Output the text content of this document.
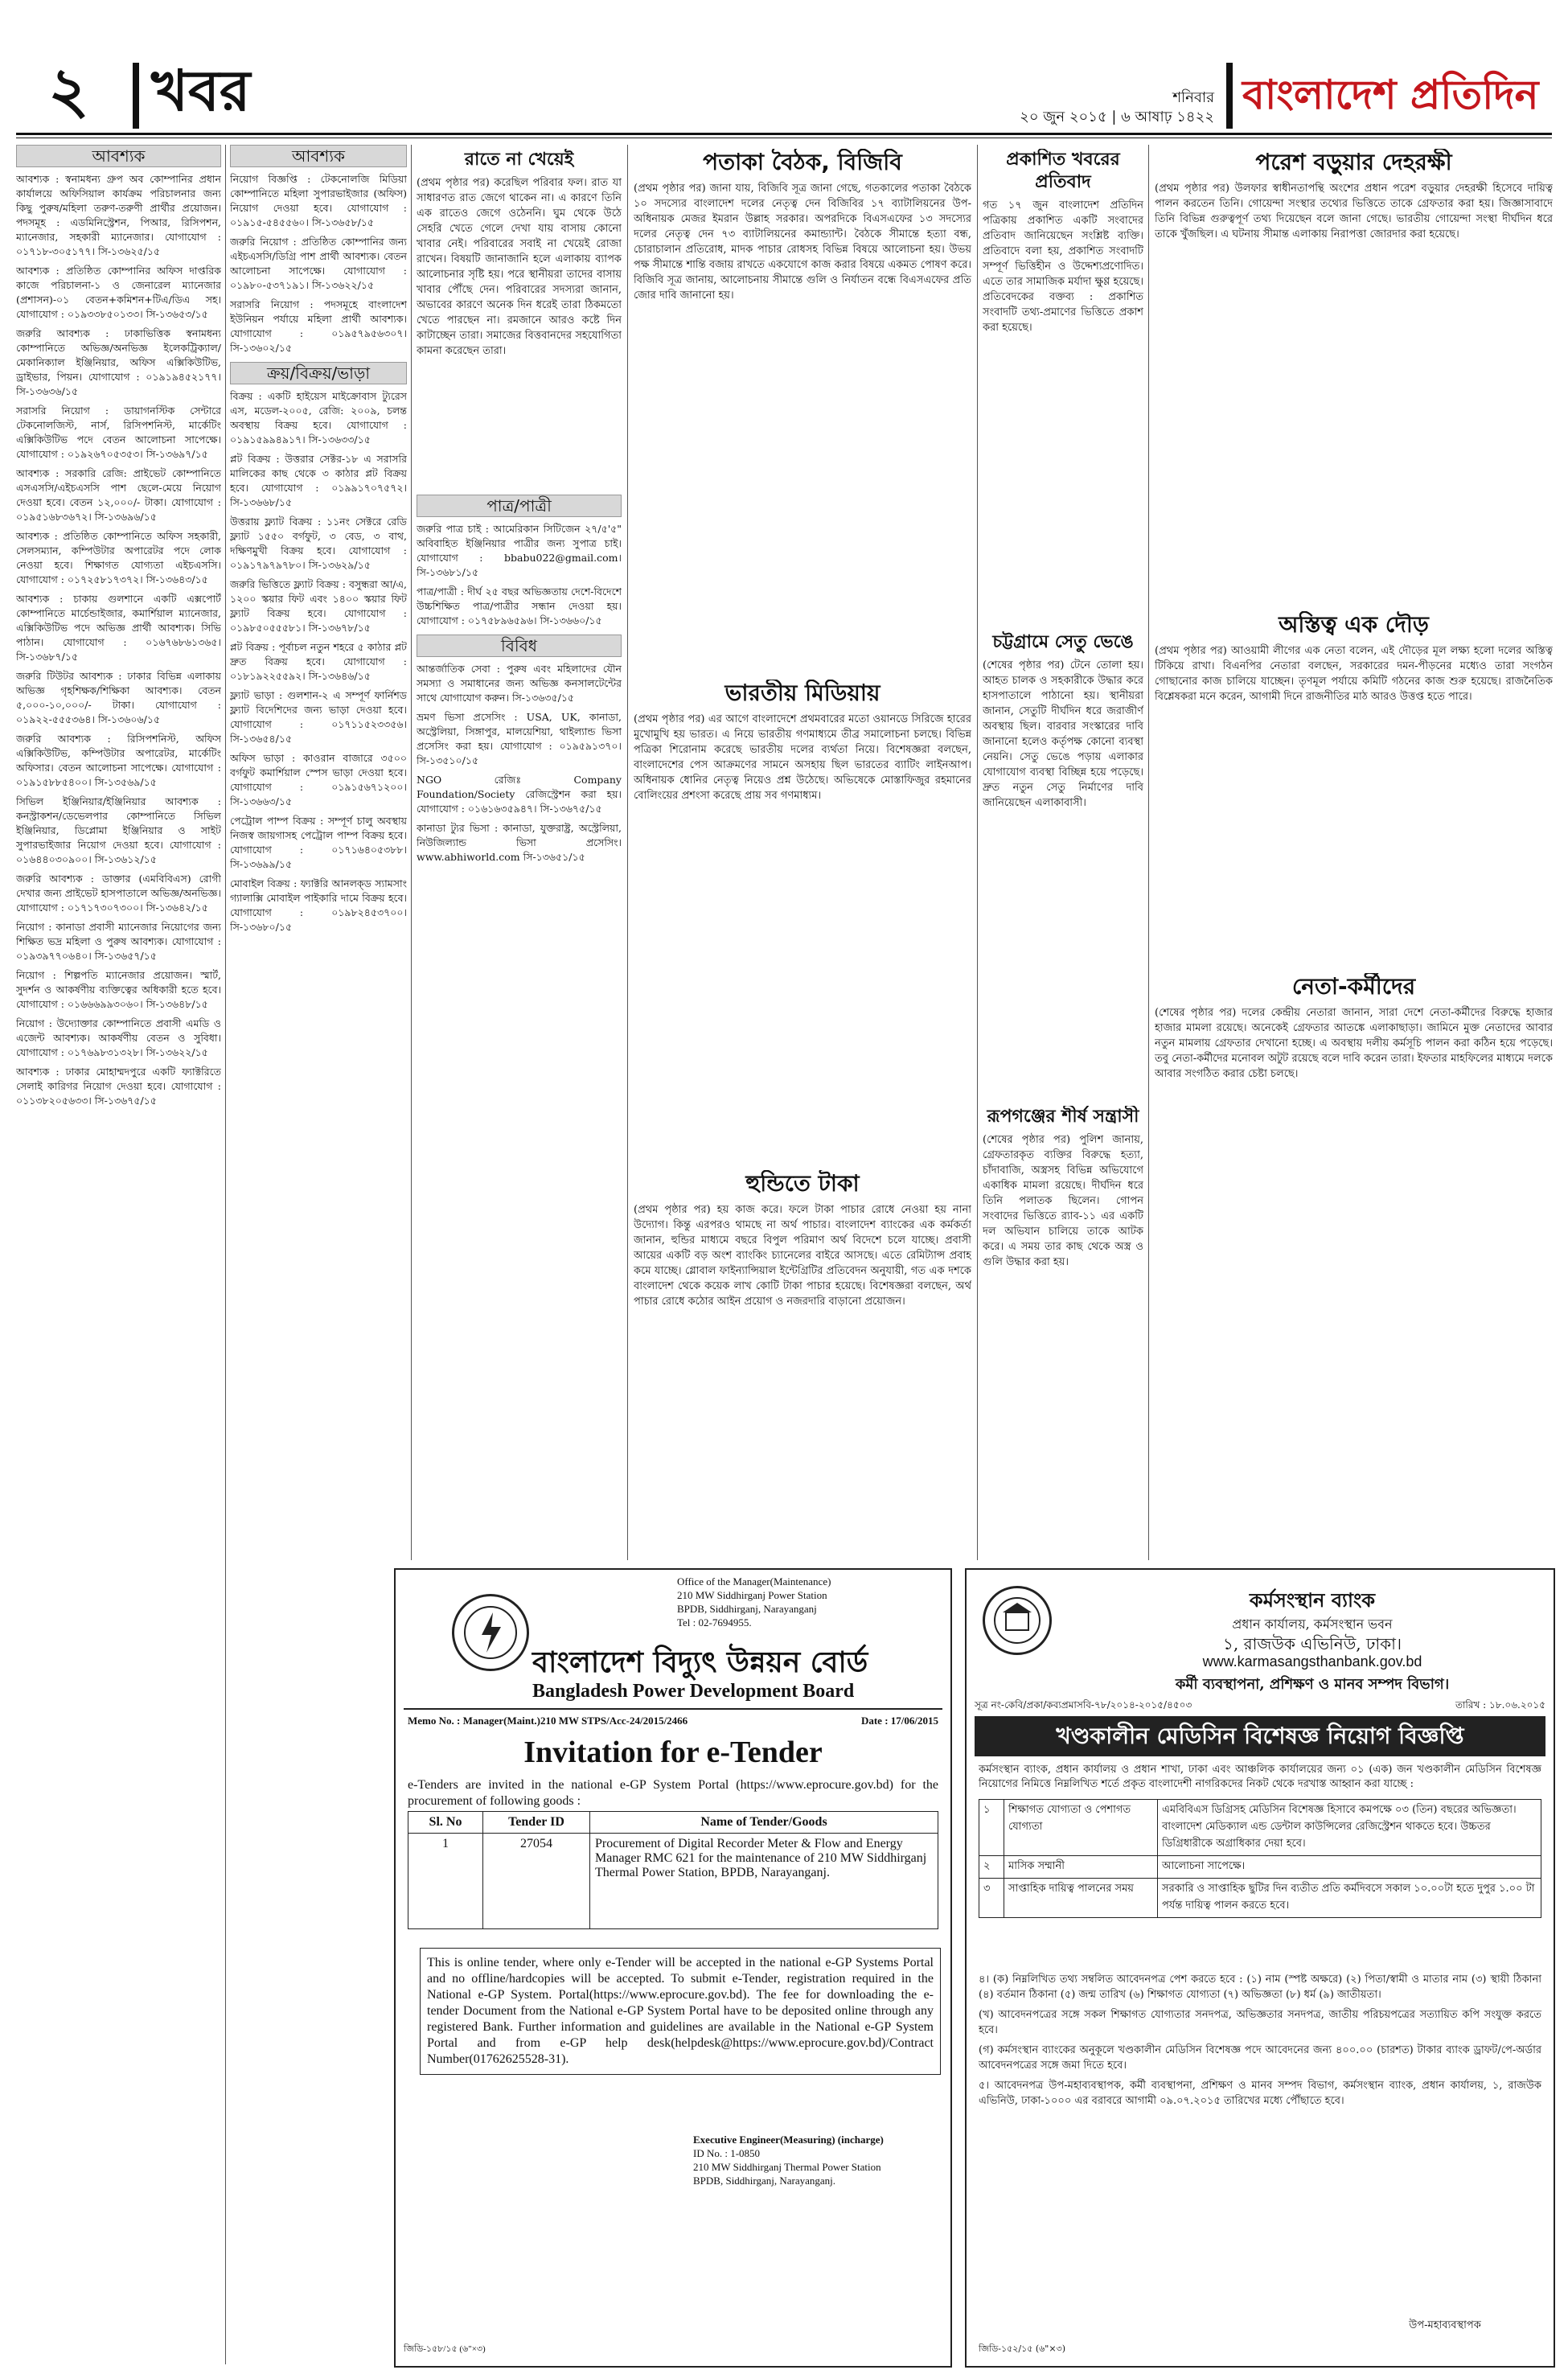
২ খবর	শনিবার
২০ জুন ২০১৫ | ৬ আষাঢ় ১৪২২ বাংলাদেশ প্রতিদিন
আবশ্যক
আবশ্যক : স্বনামধন্য গ্রুপ অব কোম্পানির প্রধান কার্যালয়ে অফিসিয়াল কার্যক্রম পরিচালনার জন্য কিছু পুরুষ/মহিলা তরুণ-তরুণী প্রার্থীর প্রয়োজন। পদসমূহ : এডমিনিস্ট্রেশন, পিআর, রিসিপশন, ম্যানেজার, সহকারী ম্যানেজার। যোগাযোগ : ০১৭১৮-৩০৫১৭৭। সি-১৩৬২৫/১৫
আবশ্যক : প্রতিষ্ঠিত কোম্পানির অফিস দাপ্তরিক কাজে পরিচালনা-১ ও জেনারেল ম্যানেজার (প্রশাসন)-০১ বেতন+কমিশন+টিএ/ডিএ সহ। যোগাযোগ : ০১৯৩৩৮৫০১৩৩। সি-১৩৬৫৩/১৫
জরুরি আবশ্যক : ঢাকাভিত্তিক স্বনামধন্য কোম্পানিতে অভিজ্ঞ/অনভিজ্ঞ ইলেকট্রিক্যাল/মেকানিক্যাল ইঞ্জিনিয়ার, অফিস এক্সিকিউটিভ, ড্রাইভার, পিয়ন। যোগাযোগ : ০১৯১৯৪৫২১৭৭। সি-১৩৬৩৬/১৫
সরাসরি নিয়োগ : ডায়াগনস্টিক সেন্টারে টেকনোলজিস্ট, নার্স, রিসিপশনিস্ট, মার্কেটিং এক্সিকিউটিভ পদে বেতন আলোচনা সাপেক্ষে। যোগাযোগ : ০১৯২৬৭০৫৩৫৩। সি-১৩৬৯৭/১৫
আবশ্যক : সরকারি রেজি: প্রাইভেট কোম্পানিতে এসএসসি/এইচএসসি পাশ ছেলে-মেয়ে নিয়োগ দেওয়া হবে। বেতন ১২,০০০/- টাকা। যোগাযোগ : ০১৯৫১৬৮৩৬৭২। সি-১৩৬৯৬/১৫
আবশ্যক : প্রতিষ্ঠিত কোম্পানিতে অফিস সহকারী, সেলসম্যান, কম্পিউটার অপারেটর পদে লোক নেওয়া হবে। শিক্ষাগত যোগ্যতা এইচএসসি। যোগাযোগ : ০১৭২৫৮১৭৩৭২। সি-১৩৬৪৩/১৫
আবশ্যক : চাকায় গুলশানে একটি এক্সপোর্ট কোম্পানিতে মার্চেন্ডাইজার, কমার্শিয়াল ম্যানেজার, এক্সিকিউটিভ পদে অভিজ্ঞ প্রার্থী আবশ্যক। সিভি পাঠান। যোগাযোগ : ০১৬৭৬৮৬১৩৬৫। সি-১৩৬৮৭/১৫
জরুরি টিউটর আবশ্যক : ঢাকার বিভিন্ন এলাকায় অভিজ্ঞ গৃহশিক্ষক/শিক্ষিকা আবশ্যক। বেতন ৫,০০০-১০,০০০/- টাকা। যোগাযোগ : ০১৯২২-৫৫৫৩৬৪। সি-১৩৬০৬/১৫
জরুরি আবশ্যক : রিসিপশনিস্ট, অফিস এক্সিকিউটিভ, কম্পিউটার অপারেটর, মার্কেটিং অফিসার। বেতন আলোচনা সাপেক্ষে। যোগাযোগ : ০১৯১৫৮৮৫৪০০। সি-১৩৫৬৯/১৫
সিভিল ইঞ্জিনিয়ার/ইঞ্জিনিয়ার আবশ্যক : কনস্ট্রাকশন/ডেভেলপার কোম্পানিতে সিভিল ইঞ্জিনিয়ার, ডিপ্লোমা ইঞ্জিনিয়ার ও সাইট সুপারভাইজার নিয়োগ দেওয়া হবে। যোগাযোগ : ০১৬৪৪০৩০৯০০। সি-১৩৬১২/১৫
জরুরি আবশ্যক : ডাক্তার (এমবিবিএস) রোগী দেখার জন্য প্রাইভেট হাসপাতালে অভিজ্ঞ/অনভিজ্ঞ। যোগাযোগ : ০১৭১৭৩০৭৩০০। সি-১৩৬৪২/১৫
নিয়োগ : কানাডা প্রবাসী ম্যানেজার নিয়োগের জন্য শিক্ষিত ভদ্র মহিলা ও পুরুষ আবশ্যক। যোগাযোগ : ০১৯৩৯৭৭০৬৪০। সি-১৩৬৫৭/১৫
নিয়োগ : শিল্পপতি ম্যানেজার প্রয়োজন। স্মার্ট, সুদর্শন ও আকর্ষণীয় ব্যক্তিত্বের অধিকারী হতে হবে। যোগাযোগ : ০১৬৬৬৯৯৩০৬০। সি-১৩৬৪৮/১৫
নিয়োগ : উদ্যোক্তার কোম্পানিতে প্রবাসী এমডি ও এজেন্ট আবশ্যক। আকর্ষণীয় বেতন ও সুবিধা। যোগাযোগ : ০১৭৬৯৮৩১৩২৮। সি-১৩৬২২/১৫
আবশ্যক : ঢাকার মোহাম্মদপুরে একটি ফ্যাক্টরিতে সেলাই কারিগর নিয়োগ দেওয়া হবে। যোগাযোগ : ০১১৩৮২০৫৬৩৩। সি-১৩৬৭৫/১৫
আবশ্যক
নিয়োগ বিজ্ঞপ্তি : টেকনোলজি মিডিয়া কোম্পানিতে মহিলা সুপারভাইজার (অফিস) নিয়োগ দেওয়া হবে। যোগাযোগ : ০১৯১৫-৫৪৫৫৬০। সি-১৩৬৫৮/১৫
জরুরি নিয়োগ : প্রতিষ্ঠিত কোম্পানির জন্য এইচএসসি/ডিগ্রি পাশ প্রার্থী আবশ্যক। বেতন আলোচনা সাপেক্ষে। যোগাযোগ : ০১৯৮০-৫৩৭১৯১। সি-১৩৬২২/১৫
সরাসরি নিয়োগ : পদসমূহে বাংলাদেশ ইউনিয়ন পর্যায়ে মহিলা প্রার্থী আবশ্যক। যোগাযোগ : ০১৯৫৭৯৫৬৩০৭। সি-১৩৬০২/১৫
ক্রয়/বিক্রয়/ভাড়া
বিক্রয় : একটি হাইয়েস মাইক্রোবাস ট্যুরেস এস, মডেল-২০০৫, রেজি: ২০০৯, চলন্ত অবস্থায় বিক্রয় হবে। যোগাযোগ : ০১৯১৫৯৯৪৯১৭। সি-১৩৬৩৩/১৫
প্লট বিক্রয় : উত্তরার সেক্টর-১৮ এ সরাসরি মালিকের কাছ থেকে ৩ কাঠার প্লট বিক্রয় হবে। যোগাযোগ : ০১৯৯১৭০৭৫৭২। সি-১৩৬৬৮/১৫
উত্তরায় ফ্ল্যাট বিক্রয় : ১১নং সেক্টরে রেডি ফ্ল্যাট ১৫৫০ বর্গফুট, ৩ বেড, ৩ বাথ, দক্ষিণমুখী বিক্রয় হবে। যোগাযোগ : ০১৯১৭৯৭৯৭৮০। সি-১৩৬২৯/১৫
জরুরি ভিত্তিতে ফ্ল্যাট বিক্রয় : বসুন্ধরা আ/এ, ১২০০ স্কয়ার ফিট এবং ১৪০০ স্কয়ার ফিট ফ্ল্যাট বিক্রয় হবে। যোগাযোগ : ০১৯৮৫০৫৫৫৮১। সি-১৩৬৭৮/১৫
প্লট বিক্রয় : পূর্বাচল নতুন শহরে ৫ কাঠার প্লট দ্রুত বিক্রয় হবে। যোগাযোগ : ০১৮১৯২২৫৫৯২। সি-১৩৬৪৬/১৫
ফ্ল্যাট ভাড়া : গুলশান-২ এ সম্পূর্ণ ফার্নিশড ফ্ল্যাট বিদেশিদের জন্য ভাড়া দেওয়া হবে। যোগাযোগ : ০১৭১১৫২৩৩৫৬। সি-১৩৬৫৪/১৫
অফিস ভাড়া : কাওরান বাজারে ৩৫০০ বর্গফুট কমার্শিয়াল স্পেস ভাড়া দেওয়া হবে। যোগাযোগ : ০১৯১৫৬৭১২০০। সি-১৩৬৬৩/১৫
পেট্রোল পাম্প বিক্রয় : সম্পূর্ণ চালু অবস্থায় নিজস্ব জায়গাসহ পেট্রোল পাম্প বিক্রয় হবে। যোগাযোগ : ০১৭১৬৪০৫৩৮৮। সি-১৩৬৯৯/১৫
মোবাইল বিক্রয় : ফ্যাক্টরি আনলক্ড স্যামসাং গ্যালাক্সি মোবাইল পাইকারি দামে বিক্রয় হবে। যোগাযোগ : ০১৯৮২৪৫৩৭০০। সি-১৩৬৮০/১৫
রাতে না খেয়েই

(প্রথম পৃষ্ঠার পর) করেছিল পরিবার ফল। রাত যা সাধারণত রাত জেগে থাকেন না। এ কারণে তিনি এক রাতেও জেগে ওঠেননি। ঘুম থেকে উঠে সেহরি খেতে গেলে দেখা যায় বাসায় কোনো খাবার নেই। পরিবারের সবাই না খেয়েই রোজা রাখেন। বিষয়টি জানাজানি হলে এলাকায় ব্যাপক আলোচনার সৃষ্টি হয়। পরে স্থানীয়রা তাদের বাসায় খাবার পৌঁছে দেন। পরিবারের সদস্যরা জানান, অভাবের কারণে অনেক দিন ধরেই তারা ঠিকমতো খেতে পারছেন না। রমজানে আরও কষ্টে দিন কাটাচ্ছেন তারা। সমাজের বিত্তবানদের সহযোগিতা কামনা করেছেন তারা।

পাত্র/পাত্রী
জরুরি পাত্র চাই : আমেরিকান সিটিজেন ২৭/৫'৫" অবিবাহিত ইঞ্জিনিয়ার পাত্রীর জন্য সুপাত্র চাই। যোগাযোগ : bbabu022@gmail.com। সি-১৩৬৮১/১৫
পাত্র/পাত্রী : দীর্ঘ ২৫ বছর অভিজ্ঞতায় দেশে-বিদেশে উচ্চশিক্ষিত পাত্র/পাত্রীর সন্ধান দেওয়া হয়। যোগাযোগ : ০১৭৫৮৯৬৫৯৬। সি-১৩৬৬০/১৫
বিবিধ
আন্তর্জাতিক সেবা : পুরুষ এবং মহিলাদের যৌন সমস্যা ও সমাধানের জন্য অভিজ্ঞ কনসালটেন্টের সাথে যোগাযোগ করুন। সি-১৩৬৩৫/১৫
ভ্রমণ ভিসা প্রসেসিং : USA, UK, কানাডা, অস্ট্রেলিয়া, সিঙ্গাপুর, মালয়েশিয়া, থাইল্যান্ড ভিসা প্রসেসিং করা হয়। যোগাযোগ : ০১৯৫৯১৩৭০। সি-১৩৫১০/১৫
NGO রেজিঃ Company Foundation/Society রেজিস্ট্রেশন করা হয়। যোগাযোগ : ০১৬১৬৩৫৯৪৭। সি-১৩৬৭৫/১৫
কানাডা ট্যুর ভিসা : কানাডা, যুক্তরাষ্ট্র, অস্ট্রেলিয়া, নিউজিল্যান্ড ভিসা প্রসেসিং। www.abhiworld.com সি-১৩৬৫১/১৫
পতাকা বৈঠক, বিজিবি

(প্রথম পৃষ্ঠার পর) জানা যায়, বিজিবি সূত্র জানা গেছে, গতকালের পতাকা বৈঠকে ১০ সদস্যের বাংলাদেশ দলের নেতৃত্ব দেন বিজিবির ১৭ ব্যাটালিয়নের উপ-অধিনায়ক মেজর ইমরান উল্লাহ সরকার। অপরদিকে বিএসএফের ১৩ সদস্যের দলের নেতৃত্ব দেন ৭৩ ব্যাটালিয়নের কমান্ড্যান্ট। বৈঠকে সীমান্তে হত্যা বন্ধ, চোরাচালান প্রতিরোধ, মাদক পাচার রোধসহ বিভিন্ন বিষয়ে আলোচনা হয়। উভয় পক্ষ সীমান্তে শান্তি বজায় রাখতে একযোগে কাজ করার বিষয়ে একমত পোষণ করে। বিজিবি সূত্র জানায়, আলোচনায় সীমান্তে গুলি ও নির্যাতন বন্ধে বিএসএফের প্রতি জোর দাবি জানানো হয়।

ভারতীয় মিডিয়ায়

(প্রথম পৃষ্ঠার পর) এর আগে বাংলাদেশে প্রথমবারের মতো ওয়ানডে সিরিজে হারের মুখোমুখি হয় ভারত। এ নিয়ে ভারতীয় গণমাধ্যমে তীব্র সমালোচনা চলছে। বিভিন্ন পত্রিকা শিরোনাম করেছে ভারতীয় দলের ব্যর্থতা নিয়ে। বিশেষজ্ঞরা বলছেন, বাংলাদেশের পেস আক্রমণের সামনে অসহায় ছিল ভারতের ব্যাটিং লাইনআপ। অধিনায়ক ধোনির নেতৃত্ব নিয়েও প্রশ্ন উঠেছে। অভিষেকে মোস্তাফিজুর রহমানের বোলিংয়ের প্রশংসা করেছে প্রায় সব গণমাধ্যম।

হুন্ডিতে টাকা

(প্রথম পৃষ্ঠার পর) হয় কাজ করে। ফলে টাকা পাচার রোধে নেওয়া হয় নানা উদ্যোগ। কিন্তু এরপরও থামছে না অর্থ পাচার। বাংলাদেশ ব্যাংকের এক কর্মকর্তা জানান, হুন্ডির মাধ্যমে বছরে বিপুল পরিমাণ অর্থ বিদেশে চলে যাচ্ছে। প্রবাসী আয়ের একটি বড় অংশ ব্যাংকিং চ্যানেলের বাইরে আসছে। এতে রেমিট্যান্স প্রবাহ কমে যাচ্ছে। গ্লোবাল ফাইন্যান্সিয়াল ইন্টেগ্রিটির প্রতিবেদন অনুযায়ী, গত এক দশকে বাংলাদেশ থেকে কয়েক লাখ কোটি টাকা পাচার হয়েছে। বিশেষজ্ঞরা বলছেন, অর্থ পাচার রোধে কঠোর আইন প্রয়োগ ও নজরদারি বাড়ানো প্রয়োজন।

প্রকাশিত খবরের প্রতিবাদ

গত ১৭ জুন বাংলাদেশ প্রতিদিন পত্রিকায় প্রকাশিত একটি সংবাদের প্রতিবাদ জানিয়েছেন সংশ্লিষ্ট ব্যক্তি। প্রতিবাদে বলা হয়, প্রকাশিত সংবাদটি সম্পূর্ণ ভিত্তিহীন ও উদ্দেশ্যপ্রণোদিত। এতে তার সামাজিক মর্যাদা ক্ষুণ্ণ হয়েছে। প্রতিবেদকের বক্তব্য : প্রকাশিত সংবাদটি তথ্য-প্রমাণের ভিত্তিতে প্রকাশ করা হয়েছে।

চট্টগ্রামে সেতু ভেঙে

(শেষের পৃষ্ঠার পর) টেনে তোলা হয়। আহত চালক ও সহকারীকে উদ্ধার করে হাসপাতালে পাঠানো হয়। স্থানীয়রা জানান, সেতুটি দীর্ঘদিন ধরে জরাজীর্ণ অবস্থায় ছিল। বারবার সংস্কারের দাবি জানানো হলেও কর্তৃপক্ষ কোনো ব্যবস্থা নেয়নি। সেতু ভেঙে পড়ায় এলাকার যোগাযোগ ব্যবস্থা বিচ্ছিন্ন হয়ে পড়েছে। দ্রুত নতুন সেতু নির্মাণের দাবি জানিয়েছেন এলাকাবাসী।

রূপগঞ্জের শীর্ষ সন্ত্রাসী

(শেষের পৃষ্ঠার পর) পুলিশ জানায়, গ্রেফতারকৃত ব্যক্তির বিরুদ্ধে হত্যা, চাঁদাবাজি, অস্ত্রসহ বিভিন্ন অভিযোগে একাধিক মামলা রয়েছে। দীর্ঘদিন ধরে তিনি পলাতক ছিলেন। গোপন সংবাদের ভিত্তিতে র‌্যাব-১১ এর একটি দল অভিযান চালিয়ে তাকে আটক করে। এ সময় তার কাছ থেকে অস্ত্র ও গুলি উদ্ধার করা হয়।

পরেশ বড়ুয়ার দেহরক্ষী

(প্রথম পৃষ্ঠার পর) উলফার স্বাধীনতাপন্থি অংশের প্রধান পরেশ বড়ুয়ার দেহরক্ষী হিসেবে দায়িত্ব পালন করতেন তিনি। গোয়েন্দা সংস্থার তথ্যের ভিত্তিতে তাকে গ্রেফতার করা হয়। জিজ্ঞাসাবাদে তিনি বিভিন্ন গুরুত্বপূর্ণ তথ্য দিয়েছেন বলে জানা গেছে। ভারতীয় গোয়েন্দা সংস্থা দীর্ঘদিন ধরে তাকে খুঁজছিল। এ ঘটনায় সীমান্ত এলাকায় নিরাপত্তা জোরদার করা হয়েছে।

অস্তিত্ব এক দৌড়

(প্রথম পৃষ্ঠার পর) আওয়ামী লীগের এক নেতা বলেন, এই দৌড়ের মূল লক্ষ্য হলো দলের অস্তিত্ব টিকিয়ে রাখা। বিএনপির নেতারা বলছেন, সরকারের দমন-পীড়নের মধ্যেও তারা সংগঠন গোছানোর কাজ চালিয়ে যাচ্ছেন। তৃণমূল পর্যায়ে কমিটি গঠনের কাজ শুরু হয়েছে। রাজনৈতিক বিশ্লেষকরা মনে করেন, আগামী দিনে রাজনীতির মাঠ আরও উত্তপ্ত হতে পারে।

নেতা-কর্মীদের

(শেষের পৃষ্ঠার পর) দলের কেন্দ্রীয় নেতারা জানান, সারা দেশে নেতা-কর্মীদের বিরুদ্ধে হাজার হাজার মামলা রয়েছে। অনেকেই গ্রেফতার আতঙ্কে এলাকাছাড়া। জামিনে মুক্ত নেতাদের আবার নতুন মামলায় গ্রেফতার দেখানো হচ্ছে। এ অবস্থায় দলীয় কর্মসূচি পালন করা কঠিন হয়ে পড়েছে। তবু নেতা-কর্মীদের মনোবল অটুট রয়েছে বলে দাবি করেন তারা। ইফতার মাহফিলের মাধ্যমে দলকে আবার সংগঠিত করার চেষ্টা চলছে।

Office of the Manager(Maintenance)
210 MW Siddhirganj Power Station
BPDB, Siddhirganj, Narayanganj
Tel : 02-7694955.
বাংলাদেশ বিদ্যুৎ উন্নয়ন বোর্ড
Bangladesh Power Development Board
Date : 17/06/2015
Memo No. : Manager(Maint.)210 MW STPS/Acc-24/2015/2466
Invitation for e-Tender
e-Tenders are invited in the national e-GP System Portal (https://www.eprocure.gov.bd) for the procurement of following goods :
Sl. No	Tender ID	Name of Tender/Goods
1	27054	Procurement of Digital Recorder Meter & Flow and Energy Manager RMC 621 for the maintenance of 210 MW Siddhirganj Thermal Power Station, BPDB, Narayanganj.
This is online tender, where only e-Tender will be accepted in the national e-GP Systems Portal and no offline/hardcopies will be accepted. To submit e-Tender, registration required in the National e-GP System. Portal(https://www.eprocure.gov.bd). The fee for downloading the e-tender Document from the National e-GP System Portal have to be deposited online through any registered Bank. Further information and guidelines are available in the National e-GP System Portal and from e-GP help desk(helpdesk@https://www.eprocure.gov.bd)/Contract Number(01762625528-31).
Executive Engineer(Measuring) (incharge)
ID No. : 1-0850
210 MW Siddhirganj Thermal Power Station
BPDB, Siddhirganj, Narayanganj.
জিডি-১৫৮/১৫ (৬"×৩)
কর্মসংস্থান ব্যাংক
প্রধান কার্যালয়, কর্মসংস্থান ভবন
১, রাজউক এভিনিউ, ঢাকা।
www.karmasangsthanbank.gov.bd
কর্মী ব্যবস্থাপনা, প্রশিক্ষণ ও মানব সম্পদ বিভাগ।
তারিখ : ১৮.০৬.২০১৫
সূত্র নং-কেবি/প্রকা/কব্যপ্রমাসবি-৭৮/২০১৪-২০১৫/৪৫০৩
খণ্ডকালীন মেডিসিন বিশেষজ্ঞ নিয়োগ বিজ্ঞপ্তি
কর্মসংস্থান ব্যাংক, প্রধান কার্যালয় ও প্রধান শাখা, ঢাকা এবং আঞ্চলিক কার্যালয়ের জন্য ০১ (এক) জন খণ্ডকালীন মেডিসিন বিশেষজ্ঞ নিয়োগের নিমিত্তে নিম্নলিখিত শর্তে প্রকৃত বাংলাদেশী নাগরিকদের নিকট থেকে দরখাস্ত আহ্বান করা যাচ্ছে :
১	শিক্ষাগত যোগ্যতা ও পেশাগত যোগ্যতা	এমবিবিএস ডিগ্রিসহ মেডিসিন বিশেষজ্ঞ হিসাবে কমপক্ষে ০৩ (তিন) বছরের অভিজ্ঞতা। বাংলাদেশ মেডিক্যাল এন্ড ডেন্টাল কাউন্সিলের রেজিস্ট্রেশন থাকতে হবে। উচ্চতর ডিগ্রিধারীকে অগ্রাধিকার দেয়া হবে।
২	মাসিক সম্মানী	আলোচনা সাপেক্ষে।
৩	সাপ্তাহিক দায়িত্ব পালনের সময়	সরকারি ও সাপ্তাহিক ছুটির দিন ব্যতীত প্রতি কর্মদিবসে সকাল ১০.০০টা হতে দুপুর ১.০০ টা পর্যন্ত দায়িত্ব পালন করতে হবে।

৪। (ক) নিম্নলিখিত তথ্য সম্বলিত আবেদনপত্র পেশ করতে হবে : (১) নাম (স্পষ্ট অক্ষরে) (২) পিতা/স্বামী ও মাতার নাম (৩) স্থায়ী ঠিকানা (৪) বর্তমান ঠিকানা (৫) জন্ম তারিখ (৬) শিক্ষাগত যোগ্যতা (৭) অভিজ্ঞতা (৮) ধর্ম (৯) জাতীয়তা।

(খ) আবেদনপত্রের সঙ্গে সকল শিক্ষাগত যোগ্যতার সনদপত্র, অভিজ্ঞতার সনদপত্র, জাতীয় পরিচয়পত্রের সত্যায়িত কপি সংযুক্ত করতে হবে।

(গ) কর্মসংস্থান ব্যাংকের অনুকূলে খণ্ডকালীন মেডিসিন বিশেষজ্ঞ পদে আবেদনের জন্য ৪০০.০০ (চারশত) টাকার ব্যাংক ড্রাফট/পে-অর্ডার আবেদনপত্রের সঙ্গে জমা দিতে হবে।

৫। আবেদনপত্র উপ-মহাব্যবস্থাপক, কর্মী ব্যবস্থাপনা, প্রশিক্ষণ ও মানব সম্পদ বিভাগ, কর্মসংস্থান ব্যাংক, প্রধান কার্যালয়, ১, রাজউক এভিনিউ, ঢাকা-১০০০ এর বরাবরে আগামী ০৯.০৭.২০১৫ তারিখের মধ্যে পৌঁছাতে হবে।

উপ-মহাব্যবস্থাপক
জিডি-১৫২/১৫ (৬"×৩)
